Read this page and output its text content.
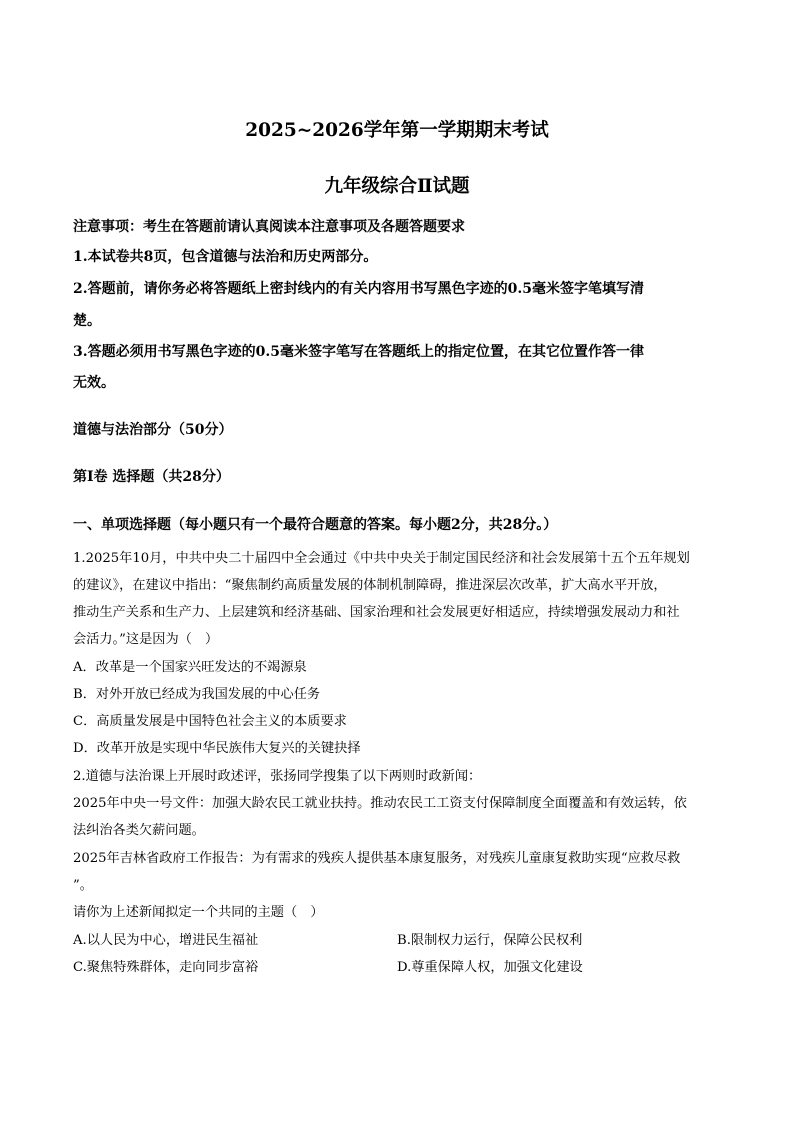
2025~2026学年第一学期期末考试
九年级综合Ⅱ试题
注意事项：考生在答题前请认真阅读本注意事项及各题答题要求
1.本试卷共8页，包含道德与法治和历史两部分。
2.答题前，请你务必将答题纸上密封线内的有关内容用书写黑色字迹的0.5毫米签字笔填写清
楚。
3.答题必须用书写黑色字迹的0.5毫米签字笔写在答题纸上的指定位置，在其它位置作答一律
无效。
道德与法治部分（50分）
第Ⅰ卷 选择题（共28分）
一、单项选择题（每小题只有一个最符合题意的答案。每小题2分，共28分。）
1.2025年10月，中共中央二十届四中全会通过《中共中央关于制定国民经济和社会发展第十五个五年规划
的建议》，在建议中指出：“聚焦制约高质量发展的体制机制障碍，推进深层次改革，扩大高水平开放，
推动生产关系和生产力、上层建筑和经济基础、国家治理和社会发展更好相适应，持续增强发展动力和社
会活力。”这是因为（　）
A．改革是一个国家兴旺发达的不竭源泉
B．对外开放已经成为我国发展的中心任务
C．高质量发展是中国特色社会主义的本质要求
D．改革开放是实现中华民族伟大复兴的关键抉择
2.道德与法治课上开展时政述评，张扬同学搜集了以下两则时政新闻：
2025年中央一号文件：加强大龄农民工就业扶持。推动农民工工资支付保障制度全面覆盖和有效运转，依
法纠治各类欠薪问题。
2025年吉林省政府工作报告：为有需求的残疾人提供基本康复服务，对残疾儿童康复救助实现“应救尽救
”。
请你为上述新闻拟定一个共同的主题（　）
A.以人民为中心，增进民生福祉	B.限制权力运行，保障公民权利
C.聚焦特殊群体，走向同步富裕	D.尊重保障人权，加强文化建设
